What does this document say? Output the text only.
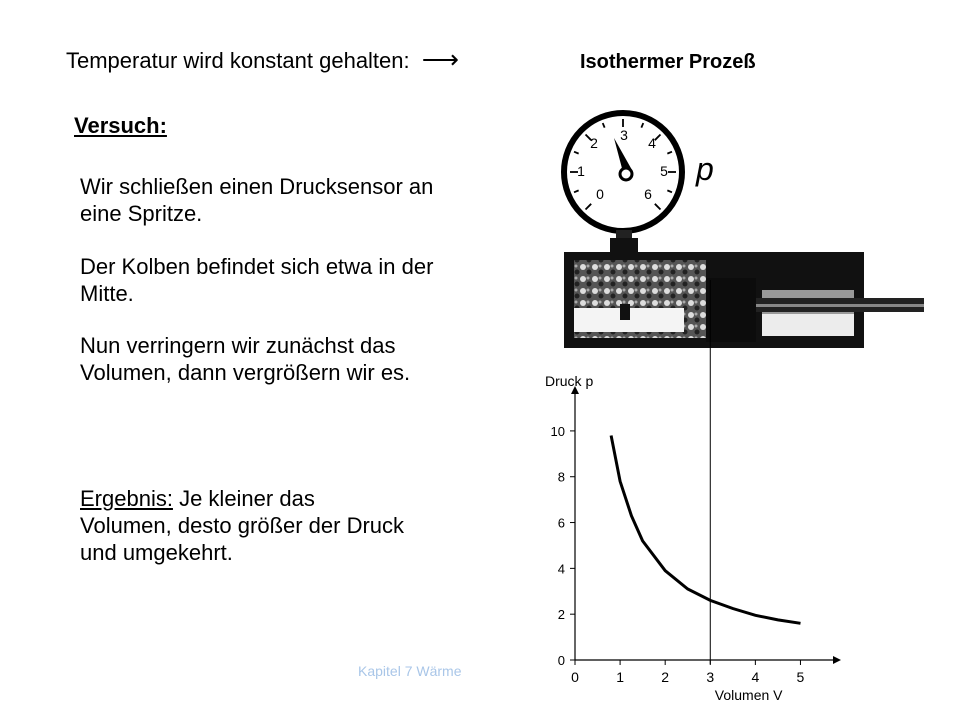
Temperatur wird konstant gehalten: ⟶	Isothermer Prozeß
Versuch:
Wir schließen einen Drucksensor an eine Spritze.
Der Kolben befindet sich etwa in der Mitte.
Nun verringern wir zunächst das Volumen, dann vergrößern wir es.
Ergebnis: Je kleiner das Volumen, desto größer der Druck und umgekehrt.
Kapitel 7 Wärme
0
1
2 3 4
5
6
p
0	1	2	3	4	5
0
2
4
6
8
10
Druck p
Volumen V
